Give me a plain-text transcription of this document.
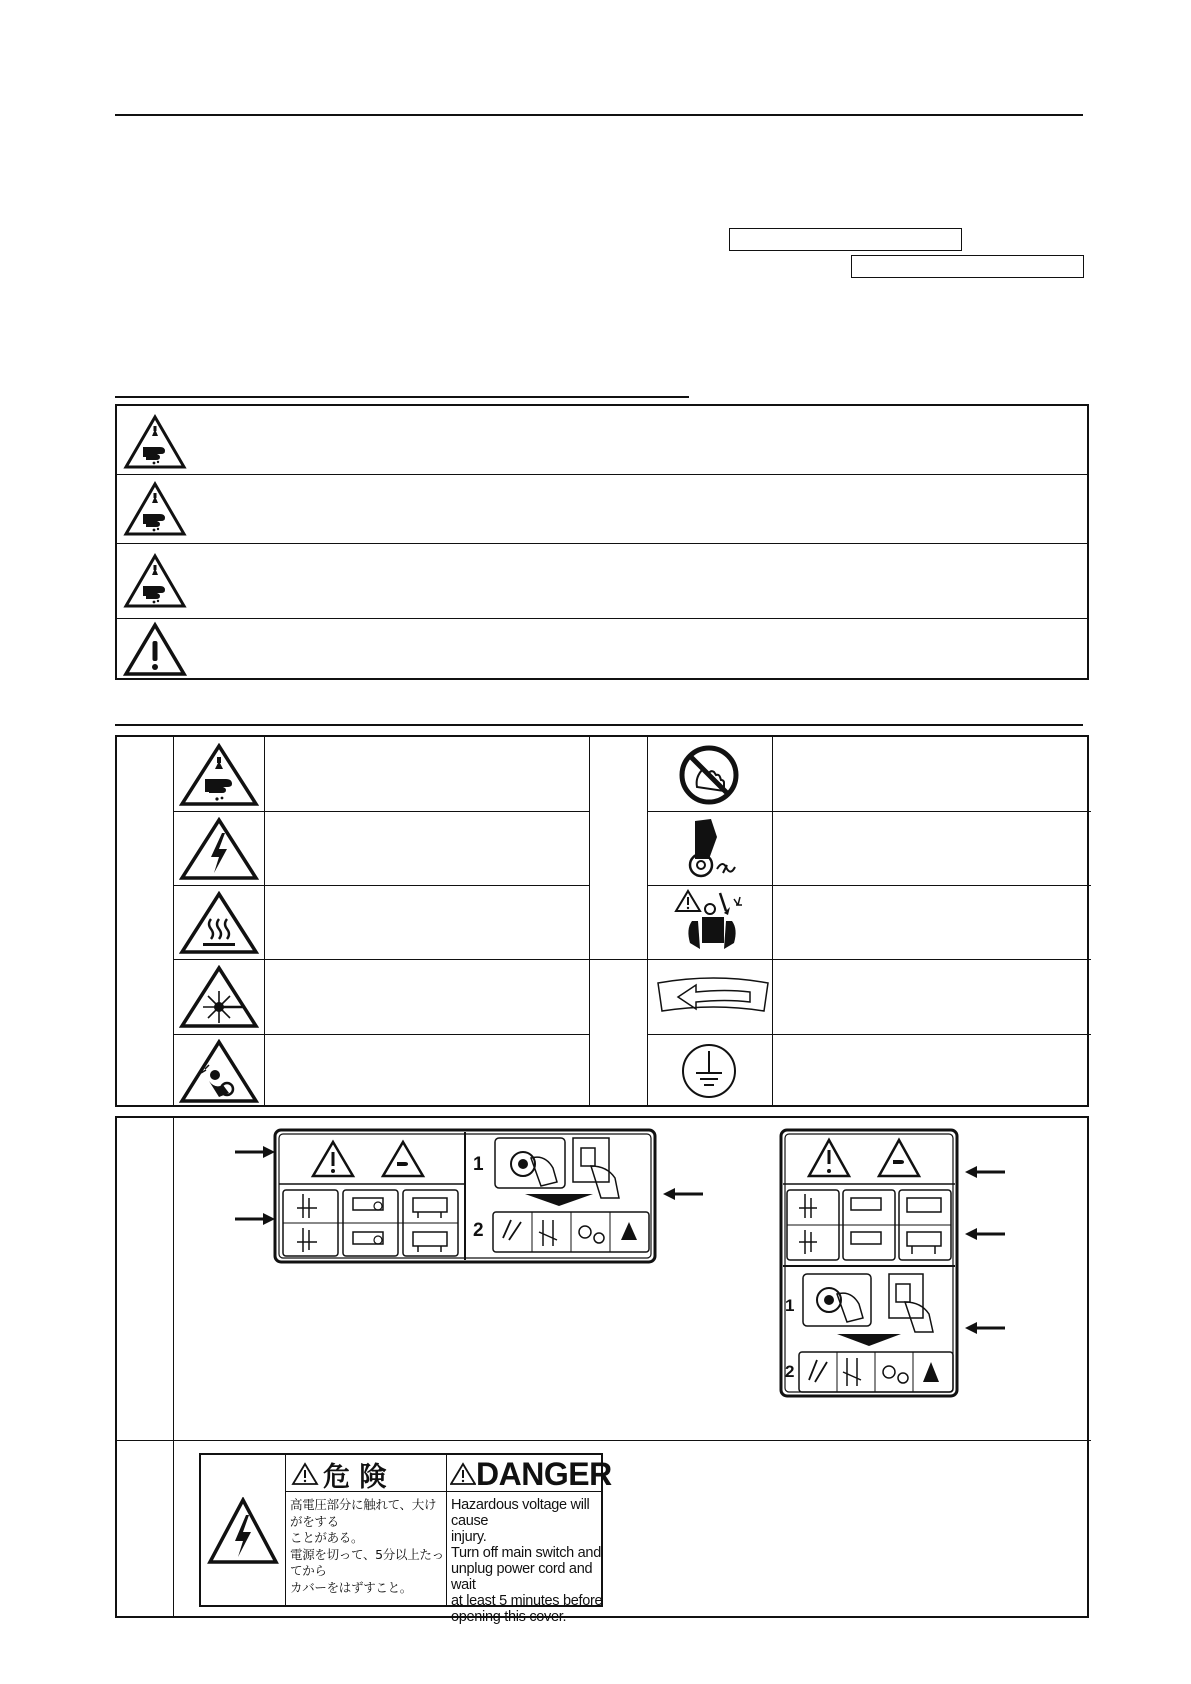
1
2
1
2
危 険	DANGER
高電圧部分に触れて、大けがをする
ことがある。
電源を切って、5分以上たってから
カバーをはずすこと。
Hazardous voltage will cause
injury.
Turn off main switch and
unplug power cord and wait
at least 5 minutes before
opening this cover.
